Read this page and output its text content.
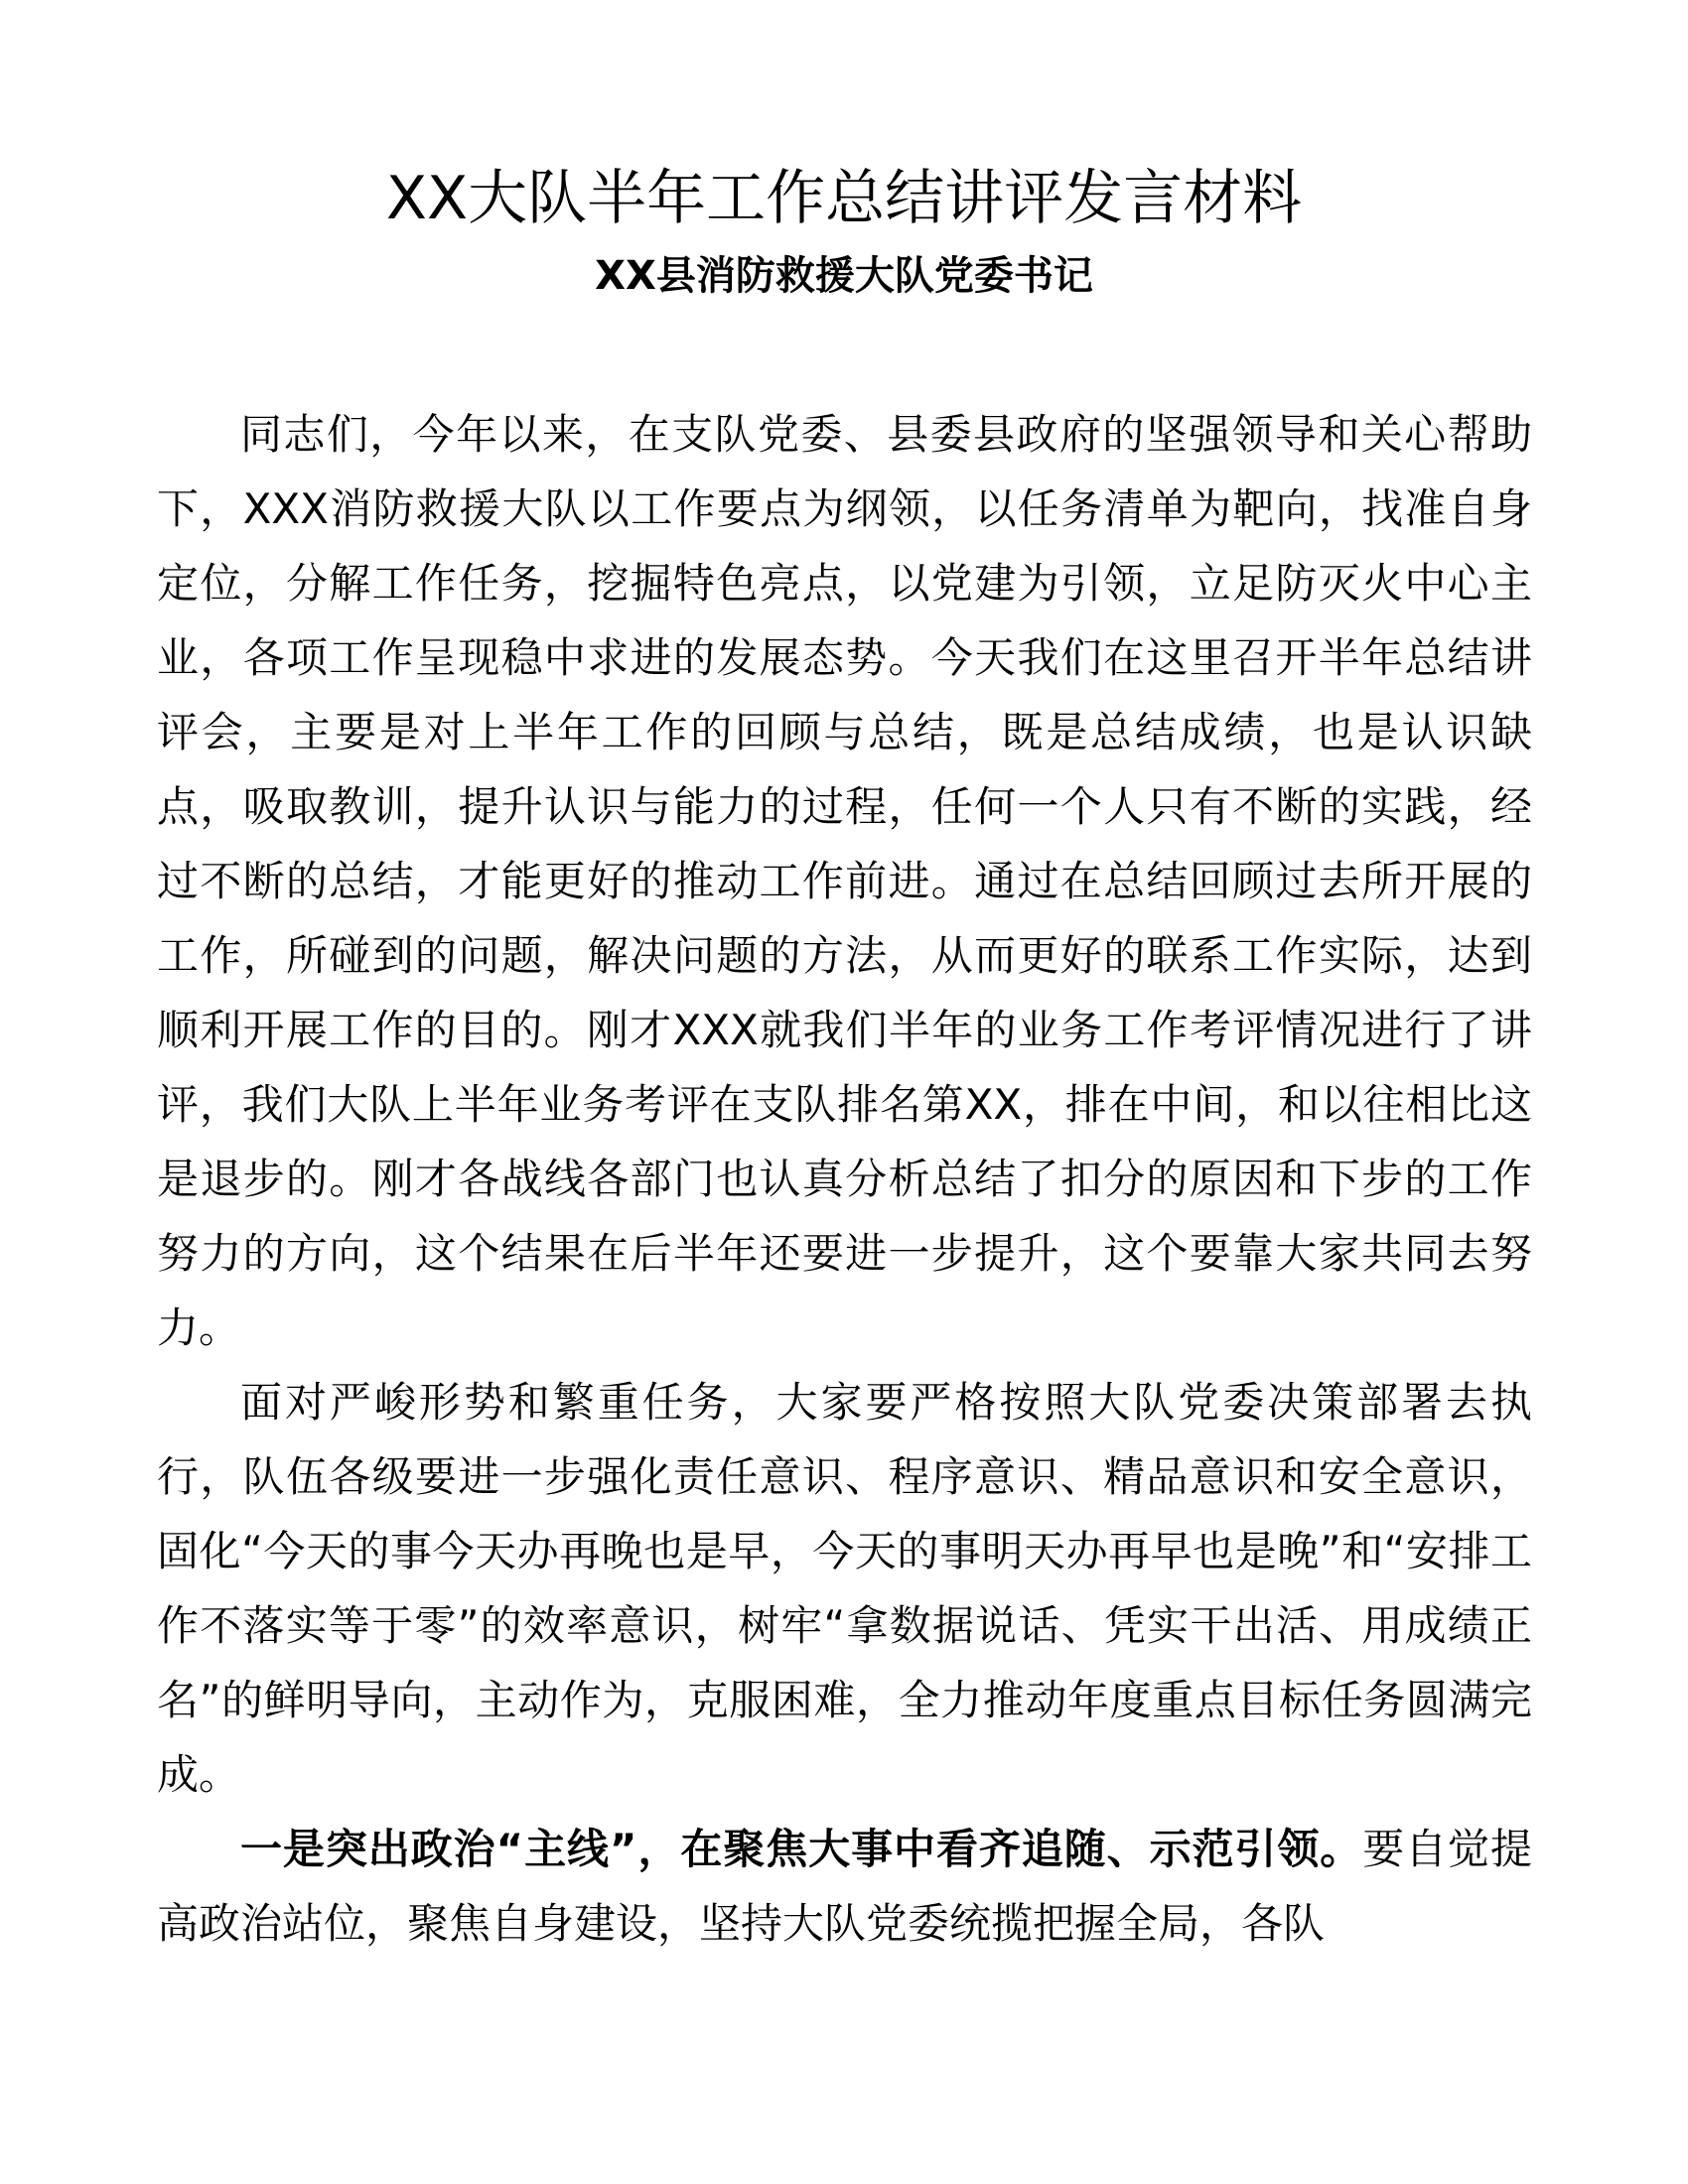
XX大队半年工作总结讲评发言材料
XX县消防救援大队党委书记

同志们，今年以来，在支队党委、县委县政府的坚强领导和关心帮助下，XXX消防救援大队以工作要点为纲领，以任务清单为靶向，找准自身定位，分解工作任务，挖掘特色亮点，以党建为引领，立足防灭火中心主业，各项工作呈现稳中求进的发展态势。今天我们在这里召开半年总结讲评会，主要是对上半年工作的回顾与总结，既是总结成绩，也是认识缺点，吸取教训，提升认识与能力的过程，任何一个人只有不断的实践，经过不断的总结，才能更好的推动工作前进。通过在总结回顾过去所开展的工作，所碰到的问题，解决问题的方法，从而更好的联系工作实际，达到顺利开展工作的目的。刚才XXX就我们半年的业务工作考评情况进行了讲评，我们大队上半年业务考评在支队排名第XX，排在中间，和以往相比这是退步的。刚才各战线各部门也认真分析总结了扣分的原因和下步的工作努力的方向，这个结果在后半年还要进一步提升，这个要靠大家共同去努力。

面对严峻形势和繁重任务，大家要严格按照大队党委决策部署去执行，队伍各级要进一步强化责任意识、程序意识、精品意识和安全意识，固化“今天的事今天办再晚也是早，今天的事明天办再早也是晚”和“安排工作不落实等于零”的效率意识，树牢“拿数据说话、凭实干出活、用成绩正名”的鲜明导向，主动作为，克服困难，全力推动年度重点目标任务圆满完成。

一是突出政治“主线”，在聚焦大事中看齐追随、示范引领。要自觉提高政治站位，聚焦自身建设，坚持大队党委统揽把握全局，各队
